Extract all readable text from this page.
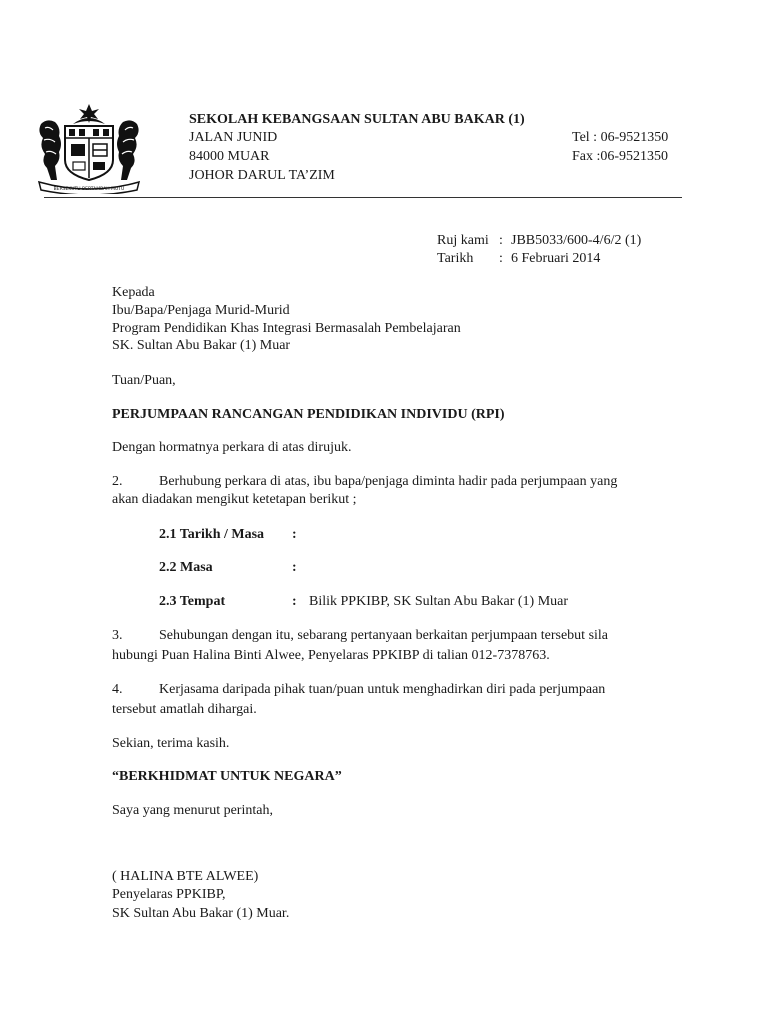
BERSEKUTU BERTAMBAH MUTU
SEKOLAH KEBANGSAAN SULTAN ABU BAKAR (1)
JALAN JUNID
84000 MUAR
JOHOR DARUL TA’ZIM
Tel : 06-9521350
Fax :06-9521350
Ruj kami : JBB5033/600-4/6/2 (1)
Tarikh : 6 Februari 2014
Kepada
Ibu/Bapa/Penjaga Murid-Murid
Program Pendidikan Khas Integrasi Bermasalah Pembelajaran
SK. Sultan Abu Bakar (1) Muar
Tuan/Puan,
PERJUMPAAN RANCANGAN PENDIDIKAN INDIVIDU (RPI)
Dengan hormatnya perkara di atas dirujuk.
2.	Berhubung perkara di atas, ibu bapa/penjaga diminta hadir pada perjumpaan yang
akan diadakan mengikut ketetapan berikut ;
2.1 Tarikh / Masa :
2.2 Masa	:
2.3 Tempat	: Bilik PPKIBP, SK Sultan Abu Bakar (1) Muar
3.	Sehubungan dengan itu, sebarang pertanyaan berkaitan perjumpaan tersebut sila
hubungi Puan Halina Binti Alwee, Penyelaras PPKIBP di talian 012-7378763.
4.	Kerjasama daripada pihak tuan/puan untuk menghadirkan diri pada perjumpaan
tersebut amatlah dihargai.
Sekian, terima kasih.
“BERKHIDMAT UNTUK NEGARA”
Saya yang menurut perintah,
( HALINA BTE ALWEE)
Penyelaras PPKIBP,
SK Sultan Abu Bakar (1) Muar.
